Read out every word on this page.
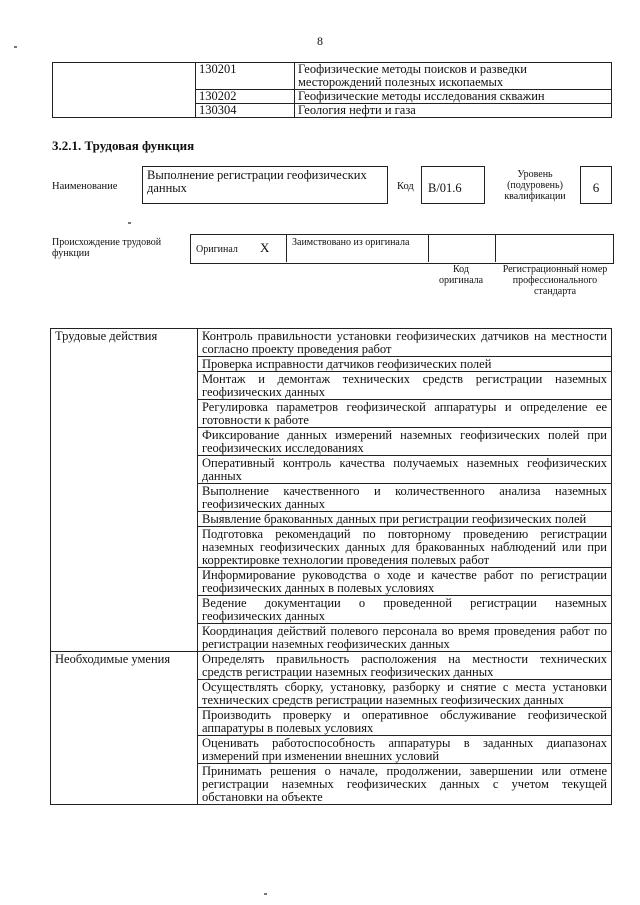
8
	130201	Геофизические методы поисков и разведки месторождений полезных ископаемых
	130202	Геофизические методы исследования скважин
	130304	Геология нефти и газа
3.2.1. Трудовая функция
Наименование
Выполнение регистрации геофизических данных	Код	B/01.6
Уровень (подуровень) квалификации
6
Происхождение трудовой функции	Оригинал X Заимствовано из оригинала
Код оригинала
Регистрационный номер профессионального стандарта
Трудовые действия	Контроль правильности установки геофизических датчиков на местности согласно проекту проведения работ
	Проверка исправности датчиков геофизических полей
	Монтаж и демонтаж технических средств регистрации наземных геофизических данных
	Регулировка параметров геофизической аппаратуры и определение ее готовности к работе
	Фиксирование данных измерений наземных геофизических полей при геофизических исследованиях
	Оперативный контроль качества получаемых наземных геофизических данных
	Выполнение качественного и количественного анализа наземных геофизических данных
	Выявление бракованных данных при регистрации геофизических полей
	Подготовка рекомендаций по повторному проведению регистрации наземных геофизических данных для бракованных наблюдений или при корректировке технологии проведения полевых работ
	Информирование руководства о ходе и качестве работ по регистрации геофизических данных в полевых условиях
	Ведение документации о проведенной регистрации наземных геофизических данных
	Координация действий полевого персонала во время проведения работ по регистрации наземных геофизических данных
Необходимые умения	Определять правильность расположения на местности технических средств регистрации наземных геофизических данных
	Осуществлять сборку, установку, разборку и снятие с места установки технических средств регистрации наземных геофизических данных
	Производить проверку и оперативное обслуживание геофизической аппаратуры в полевых условиях
	Оценивать работоспособность аппаратуры в заданных диапазонах измерений при изменении внешних условий
	Принимать решения о начале, продолжении, завершении или отмене регистрации наземных геофизических данных с учетом текущей обстановки на объекте
